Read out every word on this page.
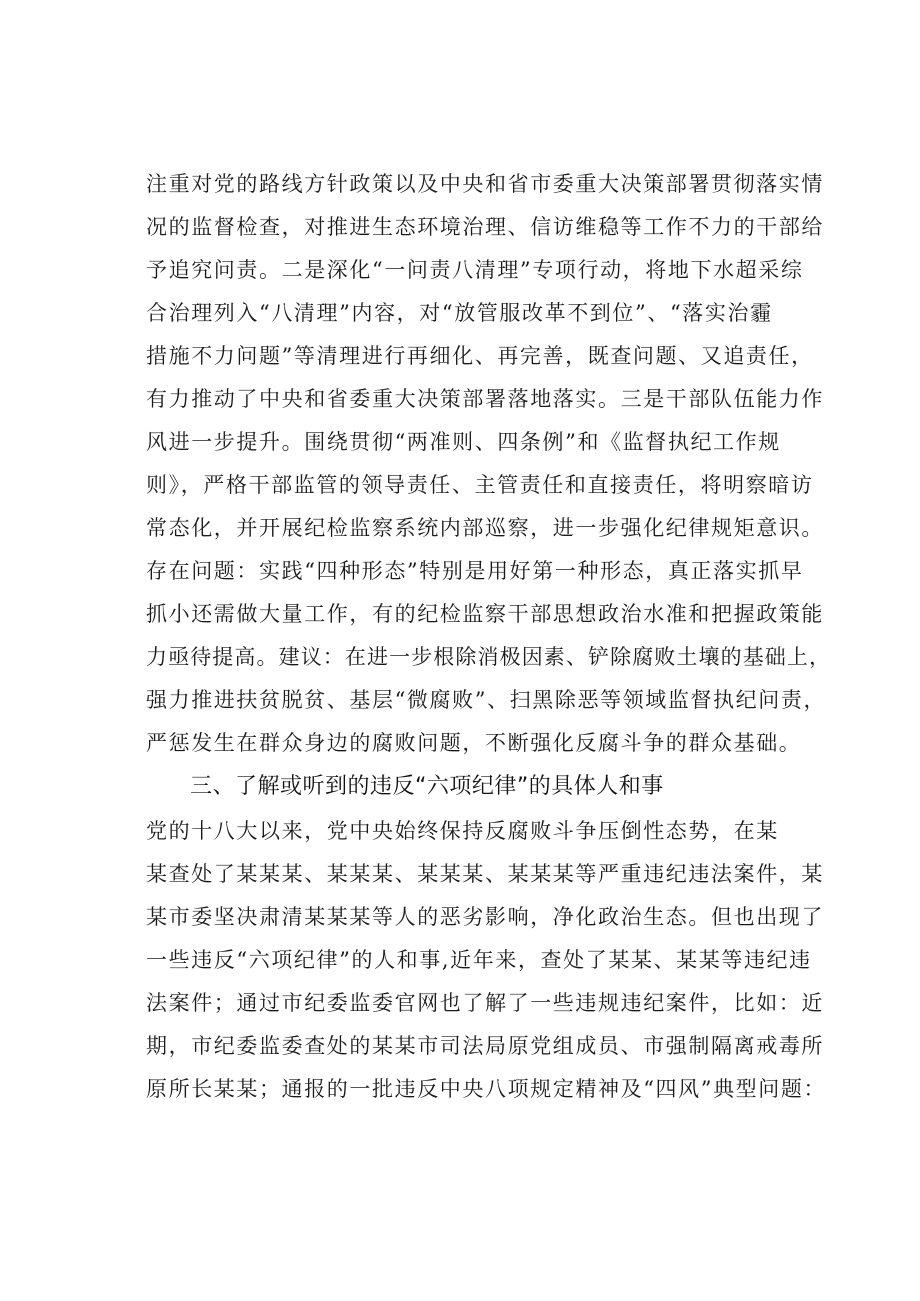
注重对党的路线方针政策以及中央和省市委重大决策部署贯彻落实情
况的监督检查，对推进生态环境治理、信访维稳等工作不力的干部给
予追究问责。二是深化“一问责八清理”专项行动，将地下水超采综
合治理列入“八清理”内容，对“放管服改革不到位”、“落实治霾
措施不力问题”等清理进行再细化、再完善，既查问题、又追责任，
有力推动了中央和省委重大决策部署落地落实。三是干部队伍能力作
风进一步提升。围绕贯彻“两准则、四条例”和《监督执纪工作规
则》，严格干部监管的领导责任、主管责任和直接责任，将明察暗访
常态化，并开展纪检监察系统内部巡察，进一步强化纪律规矩意识。
存在问题：实践“四种形态”特别是用好第一种形态，真正落实抓早
抓小还需做大量工作，有的纪检监察干部思想政治水准和把握政策能
力亟待提高。建议：在进一步根除消极因素、铲除腐败土壤的基础上，
强力推进扶贫脱贫、基层“微腐败”、扫黑除恶等领域监督执纪问责，
严惩发生在群众身边的腐败问题，不断强化反腐斗争的群众基础。
三、了解或听到的违反“六项纪律”的具体人和事
党的十八大以来，党中央始终保持反腐败斗争压倒性态势，在某
某查处了某某某、某某某、某某某、某某某等严重违纪违法案件，某
某市委坚决肃清某某某等人的恶劣影响，净化政治生态。但也出现了
一些违反“六项纪律”的人和事,近年来，查处了某某、某某等违纪违
法案件；通过市纪委监委官网也了解了一些违规违纪案件，比如：近
期，市纪委监委查处的某某市司法局原党组成员、市强制隔离戒毒所
原所长某某；通报的一批违反中央八项规定精神及“四风”典型问题：
